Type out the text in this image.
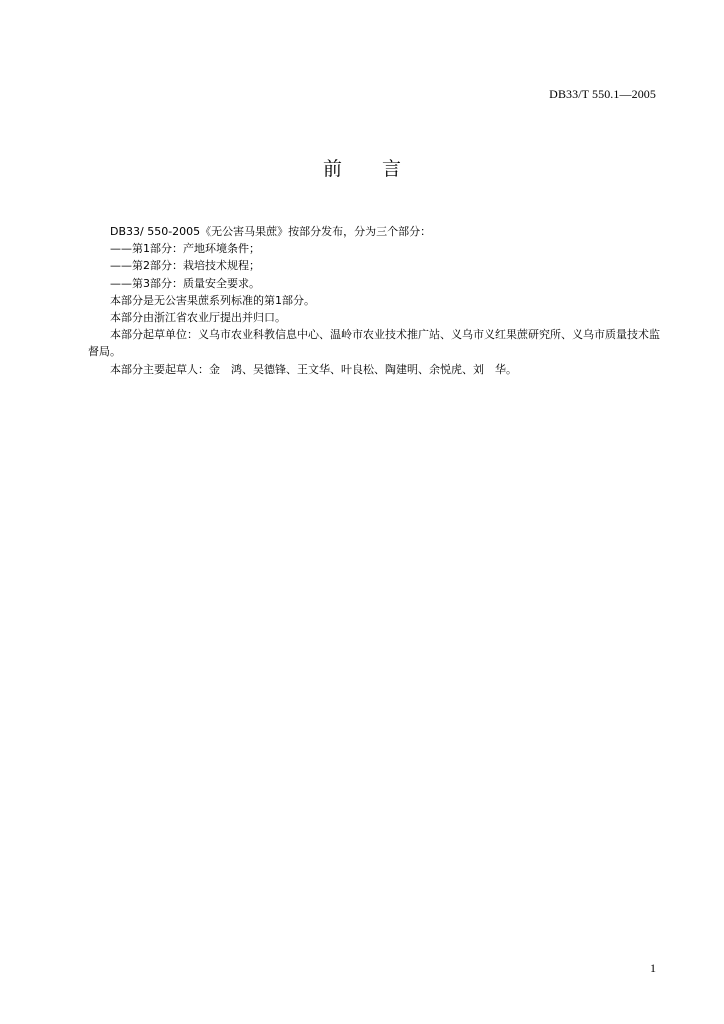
DB33/T 550.1—2005
前 言

DB33/ 550-2005《无公害马果蔗》按部分发布，分为三个部分：

——第1部分：产地环境条件；

——第2部分：栽培技术规程；

——第3部分：质量安全要求。

本部分是无公害果蔗系列标准的第1部分。

本部分由浙江省农业厅提出并归口。

本部分起草单位：义乌市农业科教信息中心、温岭市农业技术推广站、义乌市义红果蔗研究所、义乌市质量技术监督局。

本部分主要起草人：金　鸿、吴德锋、王文华、叶良松、陶建明、余悦虎、刘　华。

1
